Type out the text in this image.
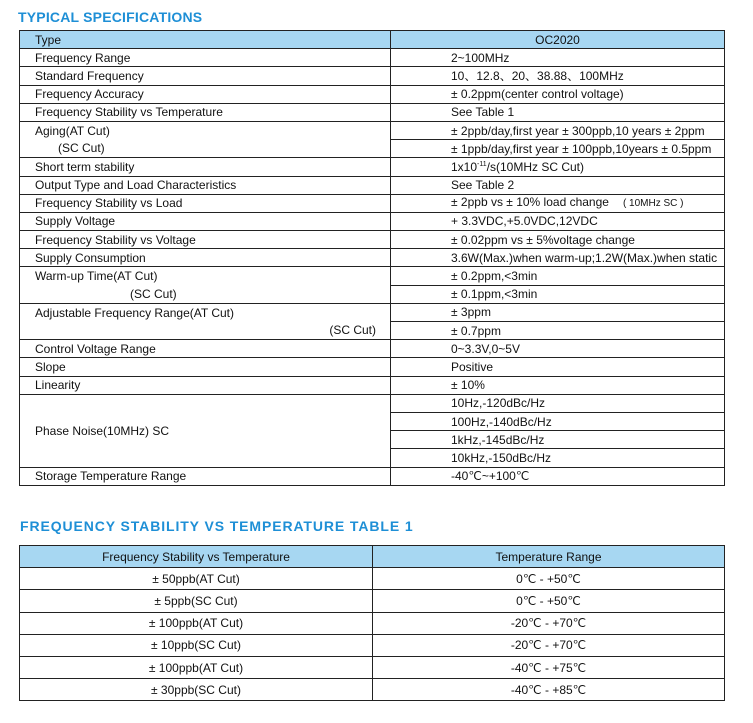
TYPICAL SPECIFICATIONS
Type	OC2020
Frequency Range	2~100MHz
Standard Frequency	10、12.8、20、38.88、100MHz
Frequency Accuracy	± 0.2ppm(center control voltage)
Frequency Stability vs Temperature	See Table 1
Aging(AT Cut)	± 2ppb/day,first year ± 300ppb,10 years ± 2ppm
(SC Cut)	± 1ppb/day,first year ± 100ppb,10years ± 0.5ppm
Short term stability	$1x10^{-11}/s(10MHz$ SC Cut)
Output Type and Load Characteristics	See Table 2
Frequency Stability vs Load	± 2ppb vs ± 10% load change ( 10MHz SC )
Supply Voltage	+ 3.3VDC,+5.0VDC,12VDC
Frequency Stability vs Voltage	± 0.02ppm vs ± 5%voltage change
Supply Consumption	3.6W(Max.)when warm-up;1.2W(Max.)when static
Warm-up Time(AT Cut)	± 0.2ppm,<3min
(SC Cut)	± 0.1ppm,<3min
Adjustable Frequency Range(AT Cut)	± 3ppm
(SC Cut)	± 0.7ppm
Control Voltage Range	0~3.3V,0~5V
Slope	Positive
Linearity	± 10%
Phase Noise(10MHz) SC	10Hz,-120dBc/Hz
	100Hz,-140dBc/Hz
	1kHz,-145dBc/Hz
	10kHz,-150dBc/Hz
Storage Temperature Range	-40℃~+100℃
FREQUENCY STABILITY VS TEMPERATURE TABLE 1
Frequency Stability vs Temperature	Temperature Range
± 50ppb(AT Cut)	0℃ - +50℃
± 5ppb(SC Cut)	0℃ - +50℃
± 100ppb(AT Cut)	-20℃ - +70℃
± 10ppb(SC Cut)	-20℃ - +70℃
± 100ppb(AT Cut)	-40℃ - +75℃
± 30ppb(SC Cut)	-40℃ - +85℃
